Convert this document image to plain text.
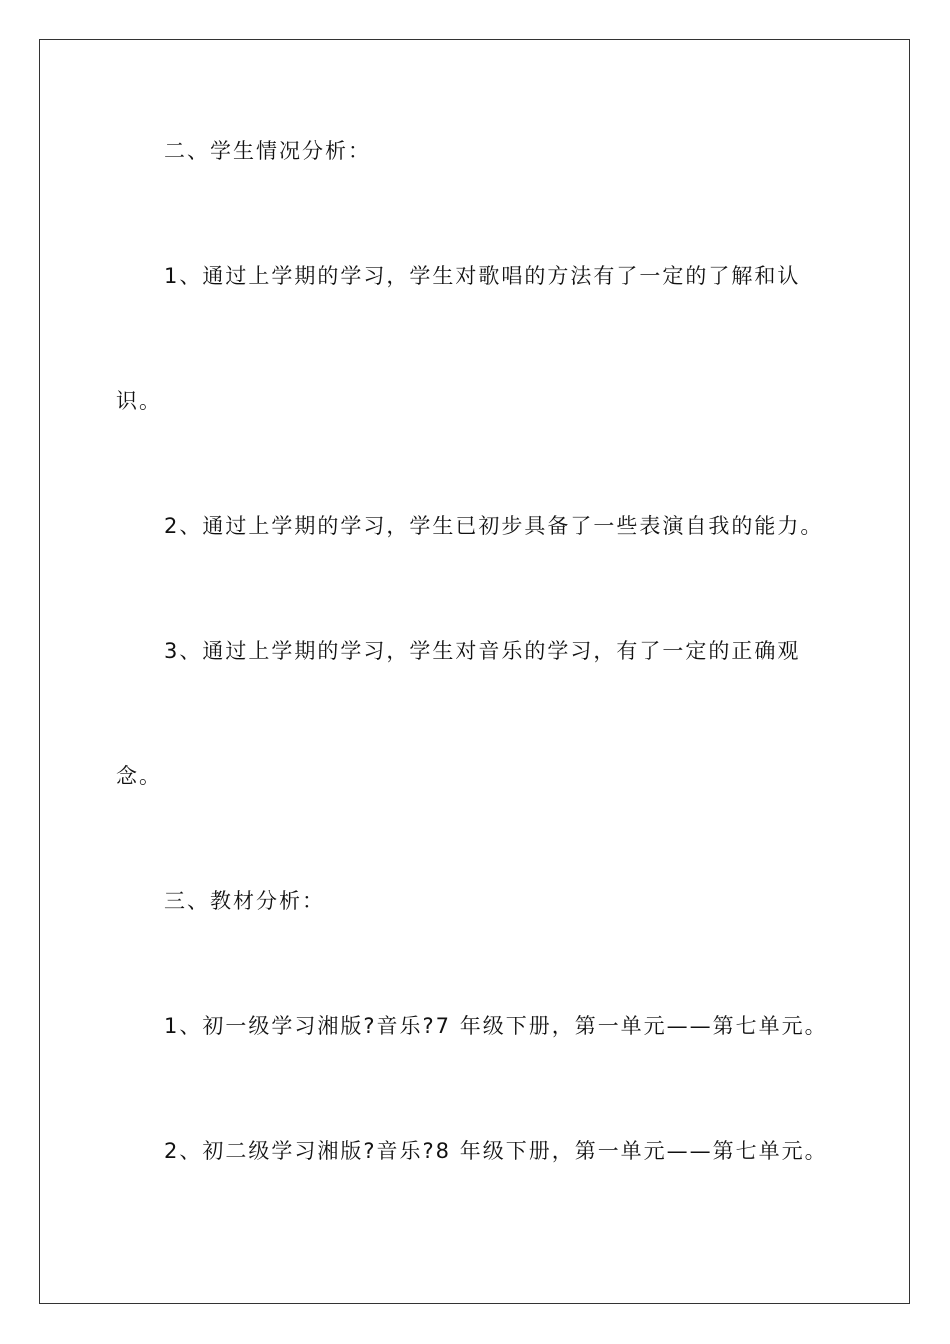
二、学生情况分析：
1、通过上学期的学习，学生对歌唱的方法有了一定的了解和认
识。
2、通过上学期的学习，学生已初步具备了一些表演自我的能力。
3、通过上学期的学习，学生对音乐的学习，有了一定的正确观
念。
三、教材分析：
1、初一级学习湘版?音乐?7 年级下册，第一单元——第七单元。
2、初二级学习湘版?音乐?8 年级下册，第一单元——第七单元。
